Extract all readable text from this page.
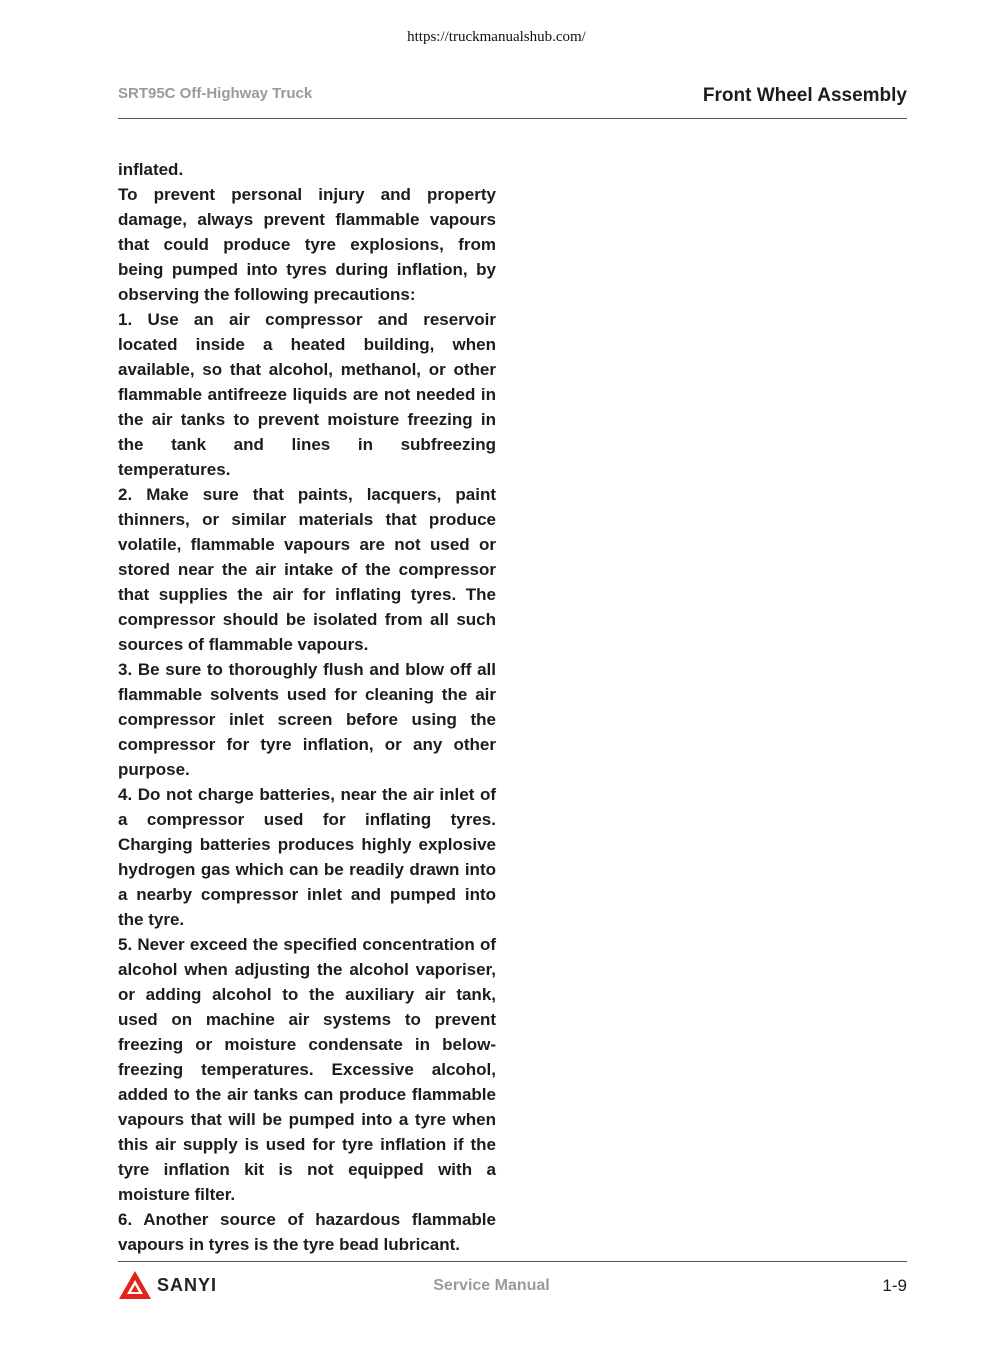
https://truckmanualshub.com/
SRT95C Off-Highway Truck	Front Wheel Assembly

inflated.

To prevent personal injury and property damage, always prevent flammable vapours that could produce tyre explosions, from being pumped into tyres during inflation, by observing the following precautions:

1. Use an air compressor and reservoir located inside a heated building, when available, so that alcohol, methanol, or other flammable antifreeze liquids are not needed in the air tanks to prevent moisture freezing in the tank and lines in subfreezing temperatures.

2. Make sure that paints, lacquers, paint thinners, or similar materials that produce volatile, flammable vapours are not used or stored near the air intake of the compressor that supplies the air for inflating tyres. The compressor should be isolated from all such sources of flammable vapours.

3. Be sure to thoroughly flush and blow off all flammable solvents used for cleaning the air compressor inlet screen before using the compressor for tyre inflation, or any other purpose.

4. Do not charge batteries, near the air inlet of a compressor used for inflating tyres. Charging batteries produces highly explosive hydrogen gas which can be readily drawn into a nearby compressor inlet and pumped into the tyre.

5. Never exceed the specified concentration of alcohol when adjusting the alcohol vaporiser, or adding alcohol to the auxiliary air tank, used on machine air systems to prevent freezing or moisture condensate in below-freezing temperatures. Excessive alcohol, added to the air tanks can produce flammable vapours that will be pumped into a tyre when this air supply is used for tyre inflation if the tyre inflation kit is not equipped with a moisture filter.

6. Another source of hazardous flammable vapours in tyres is the tyre bead lubricant.

SANYI	Service Manual	1-9
